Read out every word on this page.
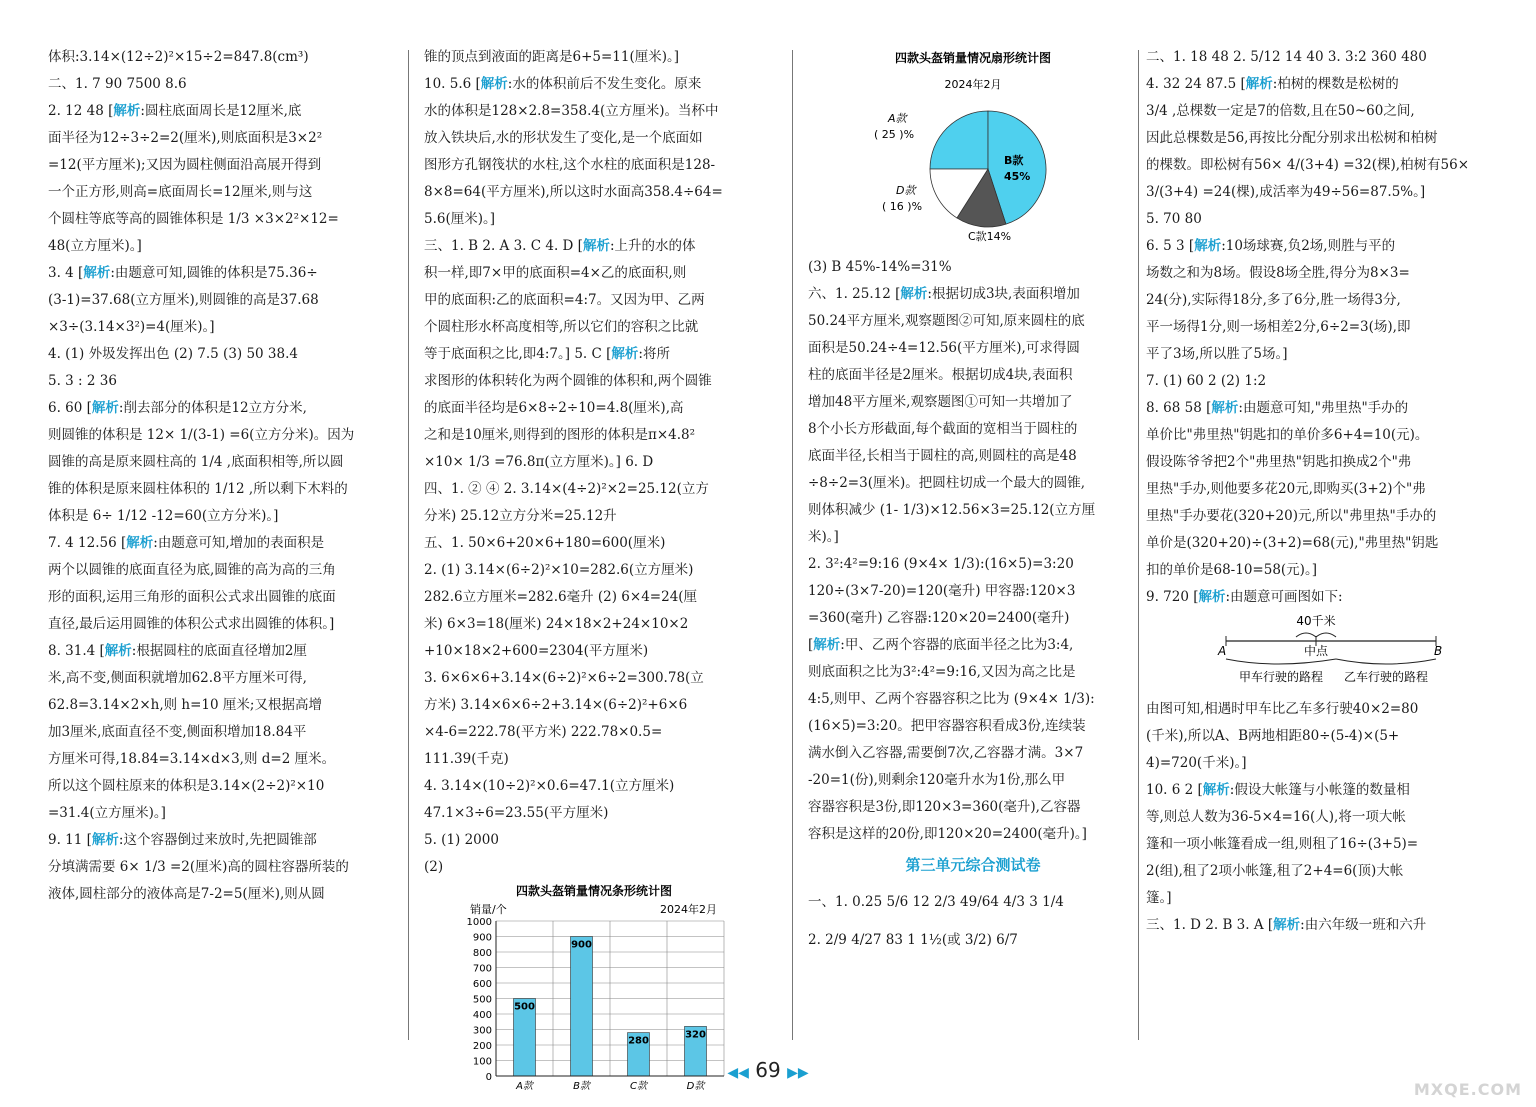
体积:3.14×(12÷2)²×15÷2=847.8(cm³)
二、1. 7 90 7500 8.6
2. 12 48 [解析:圆柱底面周长是12厘米,底
面半径为12÷3÷2=2(厘米),则底面积是3×2²
=12(平方厘米);又因为圆柱侧面沿高展开得到
一个正方形,则高=底面周长=12厘米,则与这
个圆柱等底等高的圆锥体积是 1/3 ×3×2²×12=
48(立方厘米)。]
3. 4 [解析:由题意可知,圆锥的体积是75.36÷
(3-1)=37.68(立方厘米),则圆锥的高是37.68
×3÷(3.14×3²)=4(厘米)。]
4. (1) 外圾发挥出色 (2) 7.5 (3) 50 38.4
5. 3 : 2 36
6. 60 [解析:削去部分的体积是12立方分米,
则圆锥的体积是 12× 1/(3-1) =6(立方分米)。因为
圆锥的高是原来圆柱高的 1/4 ,底面积相等,所以圆
锥的体积是原来圆柱体积的 1/12 ,所以剩下木料的
体积是 6÷ 1/12 -12=60(立方分米)。]
7. 4 12.56 [解析:由题意可知,增加的表面积是
两个以圆锥的底面直径为底,圆锥的高为高的三角
形的面积,运用三角形的面积公式求出圆锥的底面
直径,最后运用圆锥的体积公式求出圆锥的体积。]
8. 31.4 [解析:根据圆柱的底面直径增加2厘
米,高不变,侧面积就增加62.8平方厘米可得,
62.8=3.14×2×h,则 h=10 厘米;又根据高增
加3厘米,底面直径不变,侧面积增加18.84平
方厘米可得,18.84=3.14×d×3,则 d=2 厘米。
所以这个圆柱原来的体积是3.14×(2÷2)²×10
=31.4(立方厘米)。]
9. 11 [解析:这个容器倒过来放时,先把圆锥部
分填满需要 6× 1/3 =2(厘米)高的圆柱容器所装的
液体,圆柱部分的液体高是7-2=5(厘米),则从圆
锥的顶点到液面的距离是6+5=11(厘米)。]
10. 5.6 [解析:水的体积前后不发生变化。原来
水的体积是128×2.8=358.4(立方厘米)。当杯中
放入铁块后,水的形状发生了变化,是一个底面如
图形方孔钢筏状的水柱,这个水柱的底面积是128-
8×8=64(平方厘米),所以这时水面高358.4÷64=
5.6(厘米)。]
三、1. B 2. A 3. C 4. D [解析:上升的水的体
积一样,即7×甲的底面积=4×乙的底面积,则
甲的底面积:乙的底面积=4:7。又因为甲、乙两
个圆柱形水杯高度相等,所以它们的容积之比就
等于底面积之比,即4:7。] 5. C [解析:将所
求图形的体积转化为两个圆锥的体积和,两个圆锥
的底面半径均是6×8÷2÷10=4.8(厘米),高
之和是10厘米,则得到的图形的体积是π×4.8²
×10× 1/3 =76.8π(立方厘米)。] 6. D
四、1. ② ④ 2. 3.14×(4÷2)²×2=25.12(立方
分米) 25.12立方分米=25.12升
五、1. 50×6+20×6+180=600(厘米)
2. (1) 3.14×(6÷2)²×10=282.6(立方厘米)
282.6立方厘米=282.6毫升 (2) 6×4=24(厘
米) 6×3=18(厘米) 24×18×2+24×10×2
+10×18×2+600=2304(平方厘米)
3. 6×6×6+3.14×(6÷2)²×6÷2=300.78(立
方米) 3.14×6×6÷2+3.14×(6÷2)²+6×6
×4-6=222.78(平方米) 222.78×0.5=
111.39(千克)
4. 3.14×(10÷2)²×0.6=47.1(立方厘米)
47.1×3÷6=23.55(平方厘米)
5. (1) 2000
(2)
四款头盔销量情况条形统计图
销量/个	2024年2月
0
100
200
300
400
500
600
700
800
900
1000
500
A款
900
B款
280
C款
320
D款
四款头盔销量情况扇形统计图
2024年2月
A款
( 25 )%
B款
45%
C款14%
D款
( 16 )%
(3) B 45%-14%=31%
六、1. 25.12 [解析:根据切成3块,表面积增加
50.24平方厘米,观察题图②可知,原来圆柱的底
面积是50.24÷4=12.56(平方厘米),可求得圆
柱的底面半径是2厘米。根据切成4块,表面积
增加48平方厘米,观察题图①可知一共增加了
8个小长方形截面,每个截面的宽相当于圆柱的
底面半径,长相当于圆柱的高,则圆柱的高是48
÷8÷2=3(厘米)。把圆柱切成一个最大的圆锥,
则体积减少 (1- 1/3)×12.56×3=25.12(立方厘
米)。]
2. 3²:4²=9:16 (9×4× 1/3):(16×5)=3:20
120÷(3×7-20)=120(毫升) 甲容器:120×3
=360(毫升) 乙容器:120×20=2400(毫升)
[解析:甲、乙两个容器的底面半径之比为3:4,
则底面积之比为3²:4²=9:16,又因为高之比是
4:5,则甲、乙两个容器容积之比为 (9×4× 1/3):
(16×5)=3:20。把甲容器容积看成3份,连续装
满水倒入乙容器,需要倒7次,乙容器才满。3×7
-20=1(份),则剩余120毫升水为1份,那么甲
容器容积是3份,即120×3=360(毫升),乙容器
容积是这样的20份,即120×20=2400(毫升)。]
第三单元综合测试卷
一、1. 0.25 5/6 12 2/3 49/64 4/3 3 1/4
2. 2/9 4/27 83 1 1½(或 3/2) 6/7
二、1. 18 48 2. 5/12 14 40 3. 3:2 360 480
4. 32 24 87.5 [解析:柏树的棵数是松树的
3/4 ,总棵数一定是7的倍数,且在50~60之间,
因此总棵数是56,再按比分配分别求出松树和柏树
的棵数。即松树有56× 4/(3+4) =32(棵),柏树有56×
3/(3+4) =24(棵),成活率为49÷56=87.5%。]
5. 70 80
6. 5 3 [解析:10场球赛,负2场,则胜与平的
场数之和为8场。假设8场全胜,得分为8×3=
24(分),实际得18分,多了6分,胜一场得3分,
平一场得1分,则一场相差2分,6÷2=3(场),即
平了3场,所以胜了5场。]
7. (1) 60 2 (2) 1:2
8. 68 58 [解析:由题意可知,"弗里热"手办的
单价比"弗里热"钥匙扣的单价多6+4=10(元)。
假设陈爷爷把2个"弗里热"钥匙扣换成2个"弗
里热"手办,则他要多花20元,即购买(3+2)个"弗
里热"手办要花(320+20)元,所以"弗里热"手办的
单价是(320+20)÷(3+2)=68(元),"弗里热"钥匙
扣的单价是68-10=58(元)。]
9. 720 [解析:由题意可画图如下:
40千米
A	B
中点
甲车行驶的路程 乙车行驶的路程
由图可知,相遇时甲车比乙车多行驶40×2=80
(千米),所以A、B两地相距80÷(5-4)×(5+
4)=720(千米)。]
10. 6 2 [解析:假设大帐篷与小帐篷的数量相
等,则总人数为36-5×4=16(人),将一项大帐
篷和一项小帐篷看成一组,则租了16÷(3+5)=
2(组),租了2项小帐篷,租了2+4=6(顶)大帐
篷。]
三、1. D 2. B 3. A [解析:由六年级一班和六升
◀◀ 69 ▶▶
MXQE.COM
